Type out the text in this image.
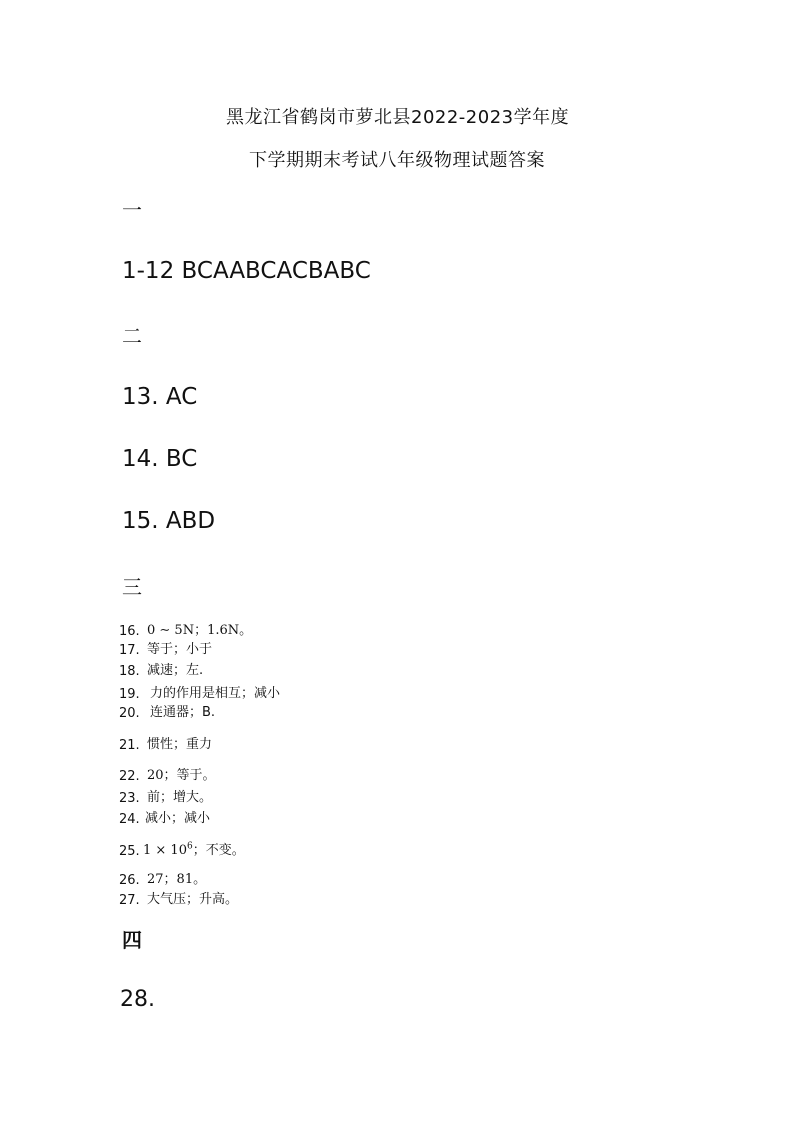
黑龙江省鹤岗市萝北县2022-2023学年度
下学期期末考试八年级物理试题答案
一
1-12 BCAABCACBABC
二
13. AC
14. BC
15. ABD
三
16. 0 ∼ 5N；1.6N。
17. 等于；小于
18. 减速；左.
19. 力的作用是相互；减小
20. 连通器；B.
21. 惯性；重力
22. 20；等于。
23. 前；增大。
24. 减小；减小
25. $1 \times 10^6$；不变。
26. 27；81。
27. 大气压；升高。
四
28.
